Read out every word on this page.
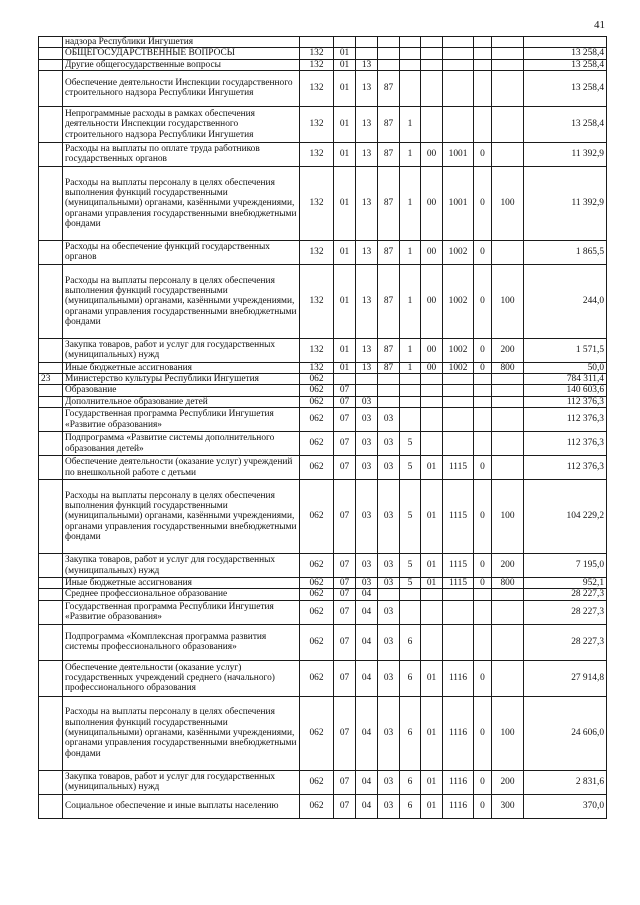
41
	надзора Республики Ингушетия										
	ОБЩЕГОСУДАРСТВЕННЫЕ ВОПРОСЫ	132	01								13 258,4
	Другие общегосударственные вопросы	132	01	13							13 258,4
	Обеспечение деятельности Инспекции государственного строительного надзора Республики Ингушетия	132	01	13	87						13 258,4
	Непрограммные расходы в рамках обеспечения деятельности Инспекции государственного строительного надзора Республики Ингушетия	132	01	13	87	1					13 258,4
	Расходы на выплаты по оплате труда работников государственных органов	132	01	13	87	1	00	1001	0		11 392,9
	Расходы на выплаты персоналу в целях обеспечения выполнения функций государственными (муниципальными) органами, казёнными учреждениями, органами управления государственными внебюджетными фондами	132	01	13	87	1	00	1001	0	100	11 392,9
	Расходы на обеспечение функций государственных органов	132	01	13	87	1	00	1002	0		1 865,5
	Расходы на выплаты персоналу в целях обеспечения выполнения функций государственными (муниципальными) органами, казёнными учреждениями, органами управления государственными внебюджетными фондами	132	01	13	87	1	00	1002	0	100	244,0
	Закупка товаров, работ и услуг для государственных (муниципальных) нужд	132	01	13	87	1	00	1002	0	200	1 571,5
	Иные бюджетные ассигнования	132	01	13	87	1	00	1002	0	800	50,0
23	Министерство культуры Республики Ингушетия	062									784 311,4
	Образование	062	07								140 603,6
	Дополнительное образование детей	062	07	03							112 376,3
	Государственная программа Республики Ингушетия «Развитие образования»	062	07	03	03						112 376,3
	Подпрограмма «Развитие системы дополнительного образования детей»	062	07	03	03	5					112 376,3
	Обеспечение деятельности (оказание услуг) учреждений по внешкольной работе с детьми	062	07	03	03	5	01	1115	0		112 376,3
	Расходы на выплаты персоналу в целях обеспечения выполнения функций государственными (муниципальными) органами, казёнными учреждениями, органами управления государственными внебюджетными фондами	062	07	03	03	5	01	1115	0	100	104 229,2
	Закупка товаров, работ и услуг для государственных (муниципальных) нужд	062	07	03	03	5	01	1115	0	200	7 195,0
	Иные бюджетные ассигнования	062	07	03	03	5	01	1115	0	800	952,1
	Среднее профессиональное образование	062	07	04							28 227,3
	Государственная программа Республики Ингушетия «Развитие образования»	062	07	04	03						28 227,3
	Подпрограмма «Комплексная программа развития системы профессионального образования»	062	07	04	03	6					28 227,3
	Обеспечение деятельности (оказание услуг) государственных учреждений среднего (начального) профессионального образования	062	07	04	03	6	01	1116	0		27 914,8
	Расходы на выплаты персоналу в целях обеспечения выполнения функций государственными (муниципальными) органами, казёнными учреждениями, органами управления государственными внебюджетными фондами	062	07	04	03	6	01	1116	0	100	24 606,0
	Закупка товаров, работ и услуг для государственных (муниципальных) нужд	062	07	04	03	6	01	1116	0	200	2 831,6
	Социальное обеспечение и иные выплаты населению	062	07	04	03	6	01	1116	0	300	370,0
